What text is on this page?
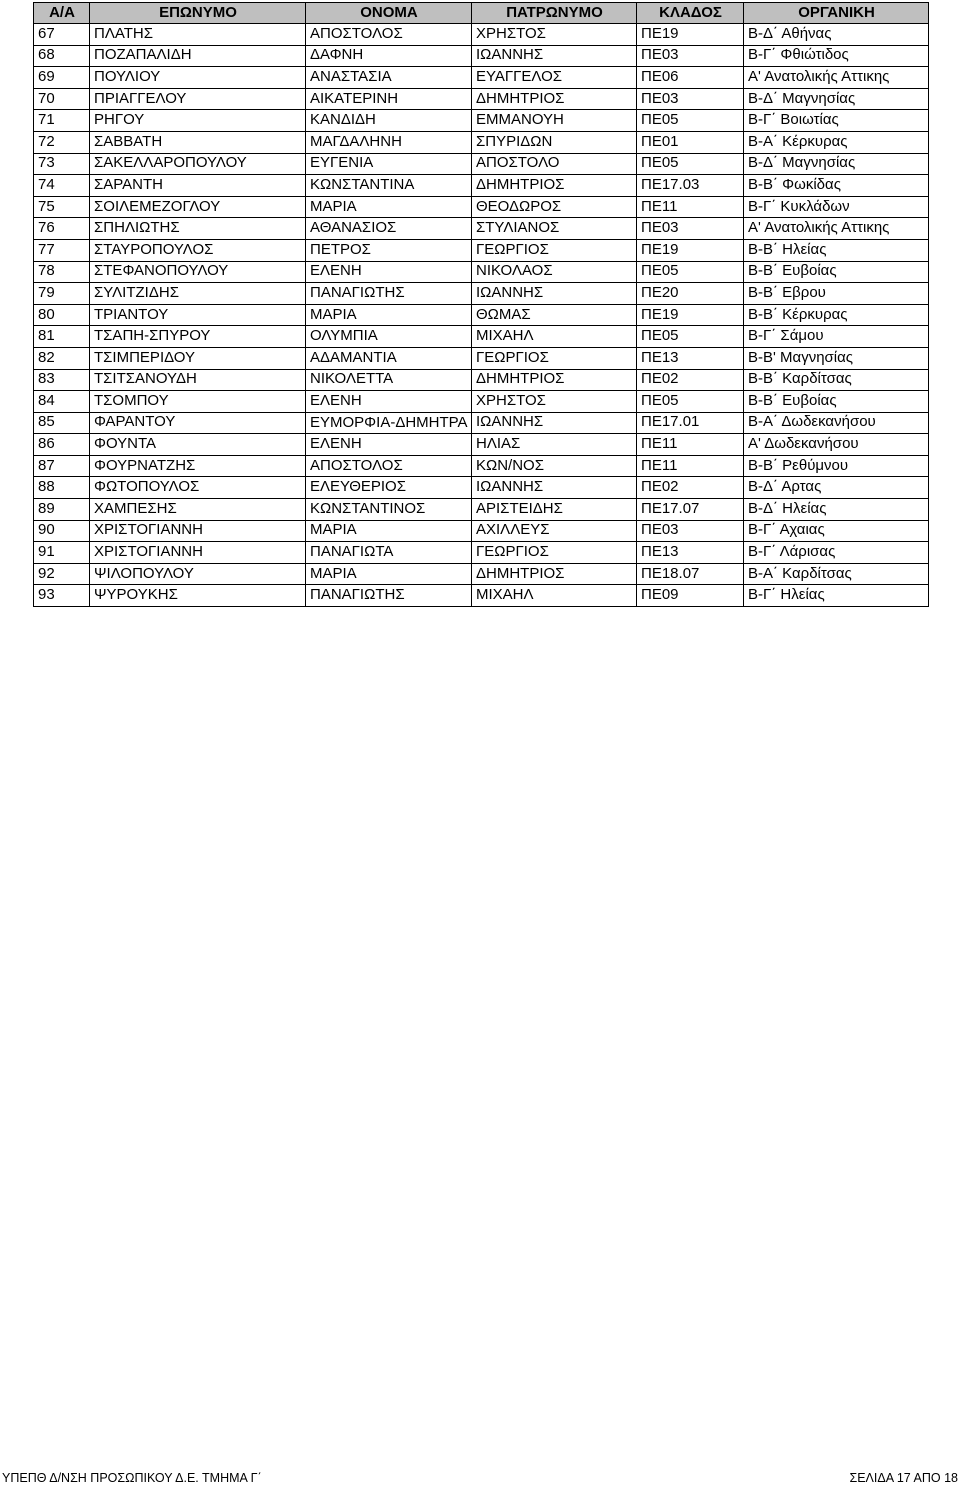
Α/Α	ΕΠΩΝΥΜΟ	ΟΝΟΜΑ	ΠΑΤΡΩΝΥΜΟ	ΚΛΑΔΟΣ	ΟΡΓΑΝΙΚΗ
67	ΠΛΑΤΗΣ	ΑΠΟΣΤΟΛΟΣ	ΧΡΗΣΤΟΣ	ΠΕ19	Β-Δ΄ Αθήνας
68	ΠΟΖΑΠΑΛΙΔΗ	ΔΑΦΝΗ	ΙΩΑΝΝΗΣ	ΠΕ03	Β-Γ΄ Φθιώτιδος
69	ΠΟΥΛΙΟΥ	ΑΝΑΣΤΑΣΙΑ	ΕΥΑΓΓΕΛΟΣ	ΠΕ06	Α' Ανατολικής Αττικης
70	ΠΡΙΑΓΓΕΛΟΥ	ΑΙΚΑΤΕΡΙΝΗ	ΔΗΜΗΤΡΙΟΣ	ΠΕ03	Β-Δ΄ Μαγνησίας
71	ΡΗΓΟΥ	ΚΑΝΔΙΔΗ	ΕΜΜΑΝΟΥΗ	ΠΕ05	Β-Γ΄ Βοιωτίας
72	ΣΑΒΒΑΤΗ	ΜΑΓΔΑΛΗΝΗ	ΣΠΥΡΙΔΩΝ	ΠΕ01	Β-Α΄ Κέρκυρας
73	ΣΑΚΕΛΛΑΡΟΠΟΥΛΟΥ	ΕΥΓΕΝΙΑ	ΑΠΟΣΤΟΛΟ	ΠΕ05	Β-Δ΄ Μαγνησίας
74	ΣΑΡΑΝΤΗ	ΚΩΝΣΤΑΝΤΙΝΑ	ΔΗΜΗΤΡΙΟΣ	ΠΕ17.03	Β-Β΄ Φωκίδας
75	ΣΟΙΛΕΜΕΖΟΓΛΟΥ	ΜΑΡΙΑ	ΘΕΟΔΩΡΟΣ	ΠΕ11	Β-Γ΄ Κυκλάδων
76	ΣΠΗΛΙΩΤΗΣ	ΑΘΑΝΑΣΙΟΣ	ΣΤΥΛΙΑΝΟΣ	ΠΕ03	Α' Ανατολικής Αττικης
77	ΣΤΑΥΡΟΠΟΥΛΟΣ	ΠΕΤΡΟΣ	ΓΕΩΡΓΙΟΣ	ΠΕ19	Β-Β΄ Ηλείας
78	ΣΤΕΦΑΝΟΠΟΥΛΟΥ	ΕΛΕΝΗ	ΝΙΚΟΛΑΟΣ	ΠΕ05	Β-Β΄ Ευβοίας
79	ΣΥΛΙΤΖΙΔΗΣ	ΠΑΝΑΓΙΩΤΗΣ	ΙΩΑΝΝΗΣ	ΠΕ20	Β-Β΄ Εβρου
80	ΤΡΙΑΝΤΟΥ	ΜΑΡΙΑ	ΘΩΜΑΣ	ΠΕ19	Β-Β΄ Κέρκυρας
81	ΤΣΑΠΗ-ΣΠΥΡΟΥ	ΟΛΥΜΠΙΑ	ΜΙΧΑΗΛ	ΠΕ05	Β-Γ΄ Σάμου
82	ΤΣΙΜΠΕΡΙΔΟΥ	ΑΔΑΜΑΝΤΙΑ	ΓΕΩΡΓΙΟΣ	ΠΕ13	Β-Β' Μαγνησίας
83	ΤΣΙΤΣΑΝΟΥΔΗ	ΝΙΚΟΛΕΤΤΑ	ΔΗΜΗΤΡΙΟΣ	ΠΕ02	Β-Β΄ Καρδίτσας
84	ΤΣΟΜΠΟΥ	ΕΛΕΝΗ	ΧΡΗΣΤΟΣ	ΠΕ05	Β-Β΄ Ευβοίας
85	ΦΑΡΑΝΤΟΥ	ΕΥΜΟΡΦΙΑ-​ΔΗΜΗΤΡΑ	ΙΩΑΝΝΗΣ	ΠΕ17.01	Β-Α΄ Δωδεκανήσου
86	ΦΟΥΝΤΑ	ΕΛΕΝΗ	ΗΛΙΑΣ	ΠΕ11	Α' Δωδεκανήσου
87	ΦΟΥΡΝΑΤΖΗΣ	ΑΠΟΣΤΟΛΟΣ	ΚΩΝ/ΝΟΣ	ΠΕ11	Β-Β΄ Ρεθύμνου
88	ΦΩΤΟΠΟΥΛΟΣ	ΕΛΕΥΘΕΡΙΟΣ	ΙΩΑΝΝΗΣ	ΠΕ02	Β-Δ΄ Αρτας
89	ΧΑΜΠΕΣΗΣ	ΚΩΝΣΤΑΝΤΙΝΟΣ	ΑΡΙΣΤΕΙΔΗΣ	ΠΕ17.07	Β-Δ΄ Ηλείας
90	ΧΡΙΣΤΟΓΙΑΝΝΗ	ΜΑΡΙΑ	ΑΧΙΛΛΕΥΣ	ΠΕ03	Β-Γ΄ Αχαιας
91	ΧΡΙΣΤΟΓΙΑΝΝΗ	ΠΑΝΑΓΙΩΤΑ	ΓΕΩΡΓΙΟΣ	ΠΕ13	Β-Γ΄ Λάρισας
92	ΨΙΛΟΠΟΥΛΟΥ	ΜΑΡΙΑ	ΔΗΜΗΤΡΙΟΣ	ΠΕ18.07	Β-Α΄ Καρδίτσας
93	ΨΥΡΟΥΚΗΣ	ΠΑΝΑΓΙΩΤΗΣ	ΜΙΧΑΗΛ	ΠΕ09	Β-Γ΄ Ηλείας
ΥΠΕΠΘ Δ/ΝΣΗ ΠΡΟΣΩΠΙΚΟΥ Δ.Ε. ΤΜΗΜΑ Γ΄	ΣΕΛΙΔΑ 17 ΑΠΟ 18
